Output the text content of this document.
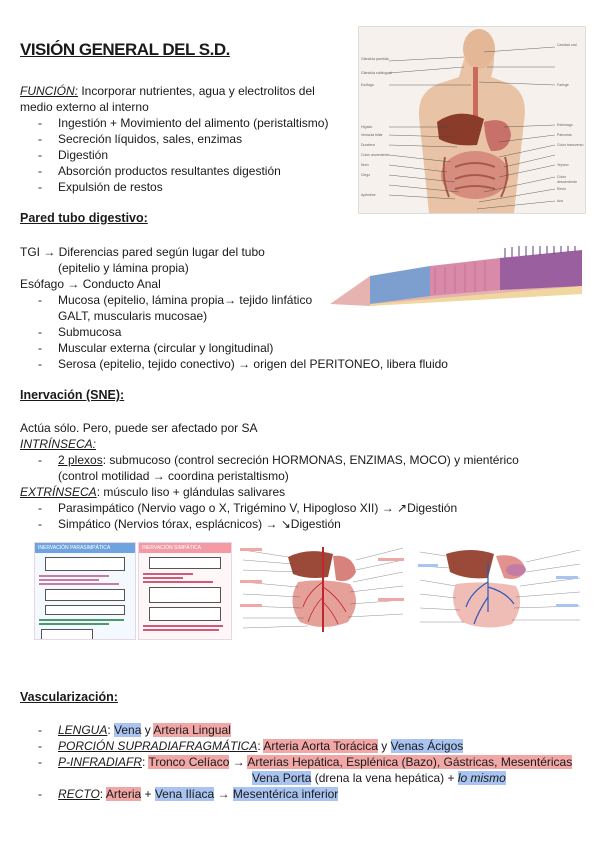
VISIÓN GENERAL DEL S.D.	Glándula parótida
Glándula sublingual
Esófago
Hígado
Vesícula biliar
Duodeno
Colon ascendente
Íleon
Ciego
Apéndice
Cavidad oral
Faringe
Estómago
Páncreas
Colon transverso
Yeyuno
Colon descendente
Recto
Ano
FUNCIÓN: Incorporar nutrientes, agua y electrolitos del
medio externo al interno
- Ingestión + Movimiento del alimento (peristaltismo)
- Secreción líquidos, sales, enzimas
- Digestión
- Absorción productos resultantes digestión
- Expulsión de restos
Pared tubo digestivo:
TGI → Diferencias pared según lugar del tubo
(epitelio y lámina propia)
Esófago → Conducto Anal
- Mucosa (epitelio, lámina propia→ tejido linfático
GALT, muscularis mucosae)
- Submucosa
- Muscular externa (circular y longitudinal)
- Serosa (epitelio, tejido conectivo) → origen del PERITONEO, libera fluido
Inervación (SNE):
Actúa sólo. Pero, puede ser afectado por SA
INTRÍNSECA:
- 2 plexos: submucoso (control secreción HORMONAS, ENZIMAS, MOCO) y mientérico
(control motilidad → coordina peristaltismo)
EXTRÍNSECA: músculo liso + glándulas salivares
- Parasimpático (Nervio vago o X, Trigémino V, Hipogloso XII) → ↗Digestión
- Simpático (Nervios tórax, esplácnicos) → ↘Digestión
INERVACIÓN PARASIMPÁTICA	INERVACIÓN SIMPÁTICA
Vascularización:
- LENGUA: Vena y Arteria Lingual
- PORCIÓN SUPRADIAFRAGMÁTICA: Arteria Aorta Torácica y Venas Ácigos
- P-INFRADIAFR: Tronco Celíaco → Arterias Hepática, Esplénica (Bazo), Gástricas, Mesentéricas
Vena Porta (drena la vena hepática) + lo mismo
- RECTO: Arteria + Vena Ilíaca → Mesentérica inferior
